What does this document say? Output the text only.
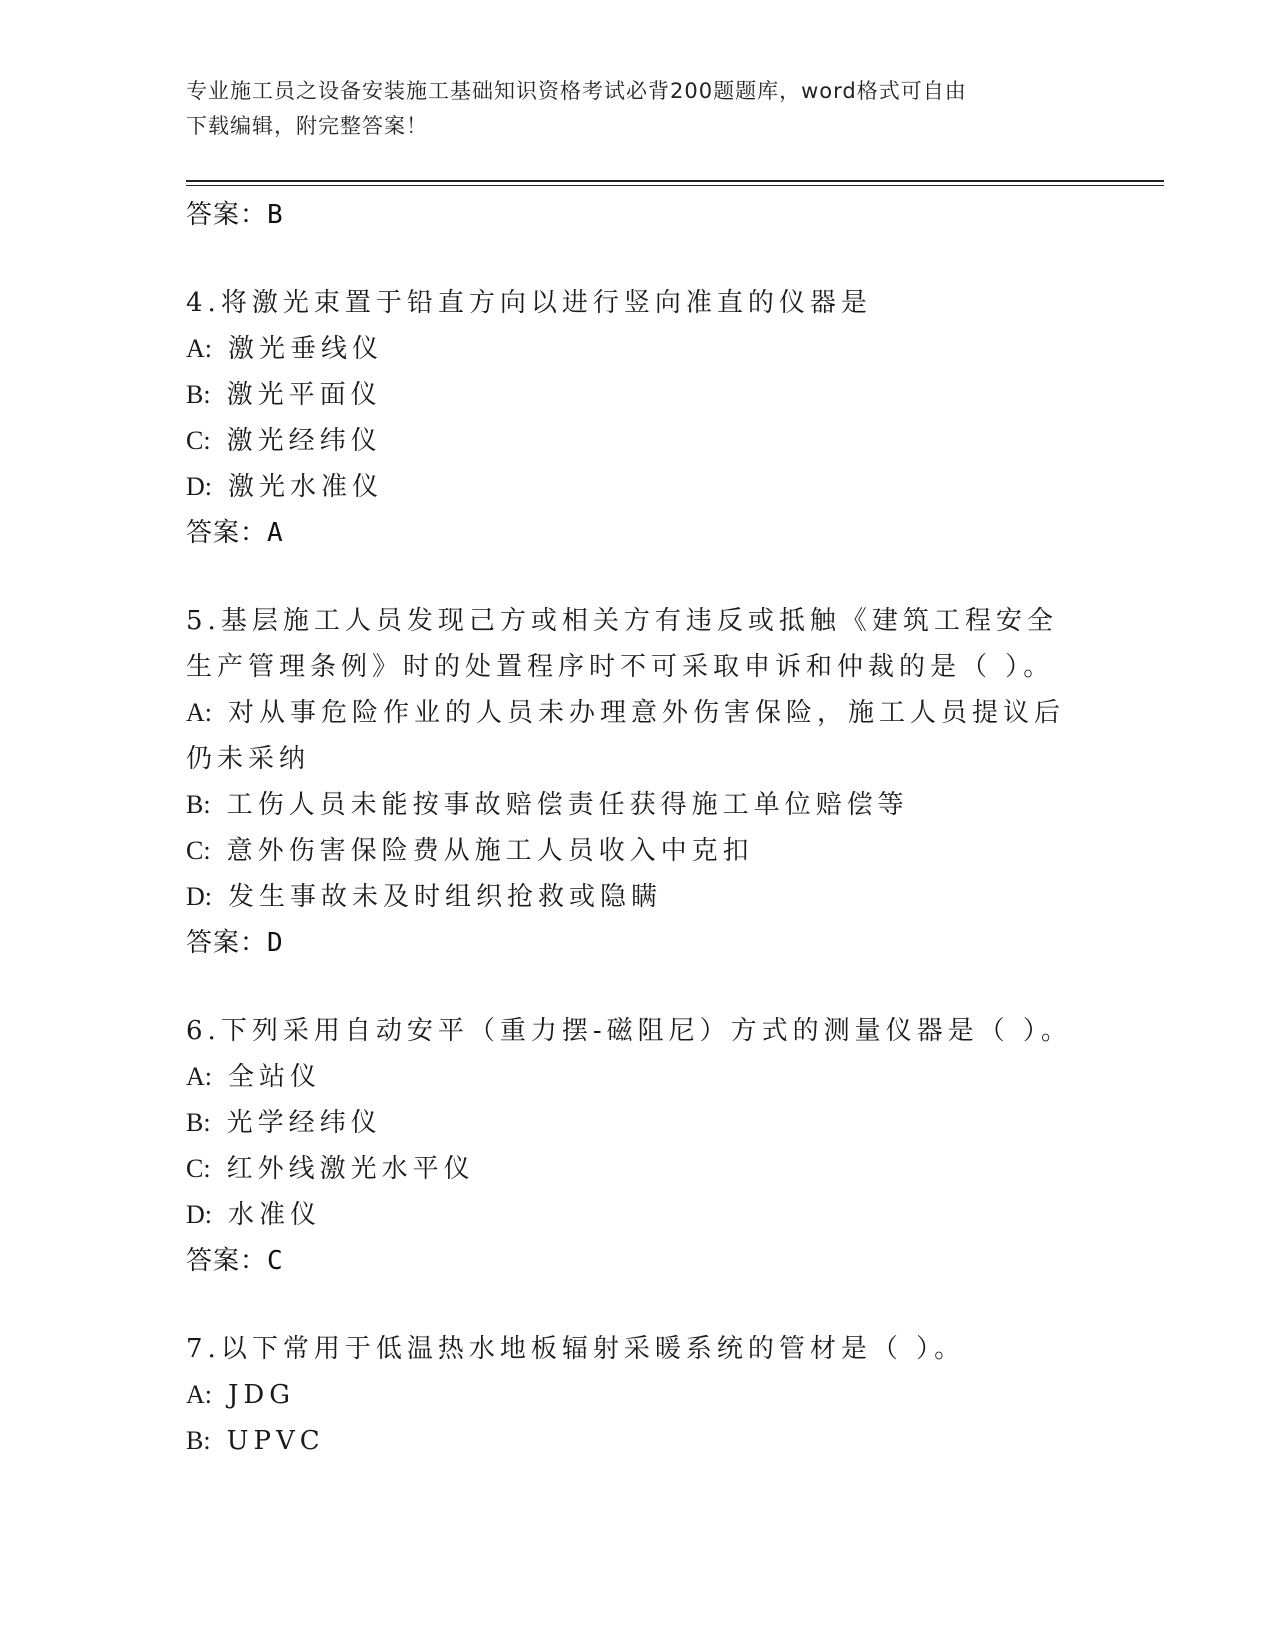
专业施工员之设备安装施工基础知识资格考试必背200题题库，word格式可自由
下载编辑，附完整答案！
答案：B
4.将激光束置于铅直方向以进行竖向准直的仪器是
A: 激光垂线仪
B: 激光平面仪
C: 激光经纬仪
D: 激光水准仪
答案：A
5.基层施工人员发现己方或相关方有违反或抵触《建筑工程安全生产管理条例》时的处置程序时不可采取申诉和仲裁的是（ ）。
A: 对从事危险作业的人员未办理意外伤害保险，施工人员提议后仍未采纳
B: 工伤人员未能按事故赔偿责任获得施工单位赔偿等
C: 意外伤害保险费从施工人员收入中克扣
D: 发生事故未及时组织抢救或隐瞒
答案：D
6.下列采用自动安平（重力摆-磁阻尼）方式的测量仪器是（ ）。
A: 全站仪
B: 光学经纬仪
C: 红外线激光水平仪
D: 水准仪
答案：C
7.以下常用于低温热水地板辐射采暖系统的管材是（ ）。
A: JDG
B: UPVC
